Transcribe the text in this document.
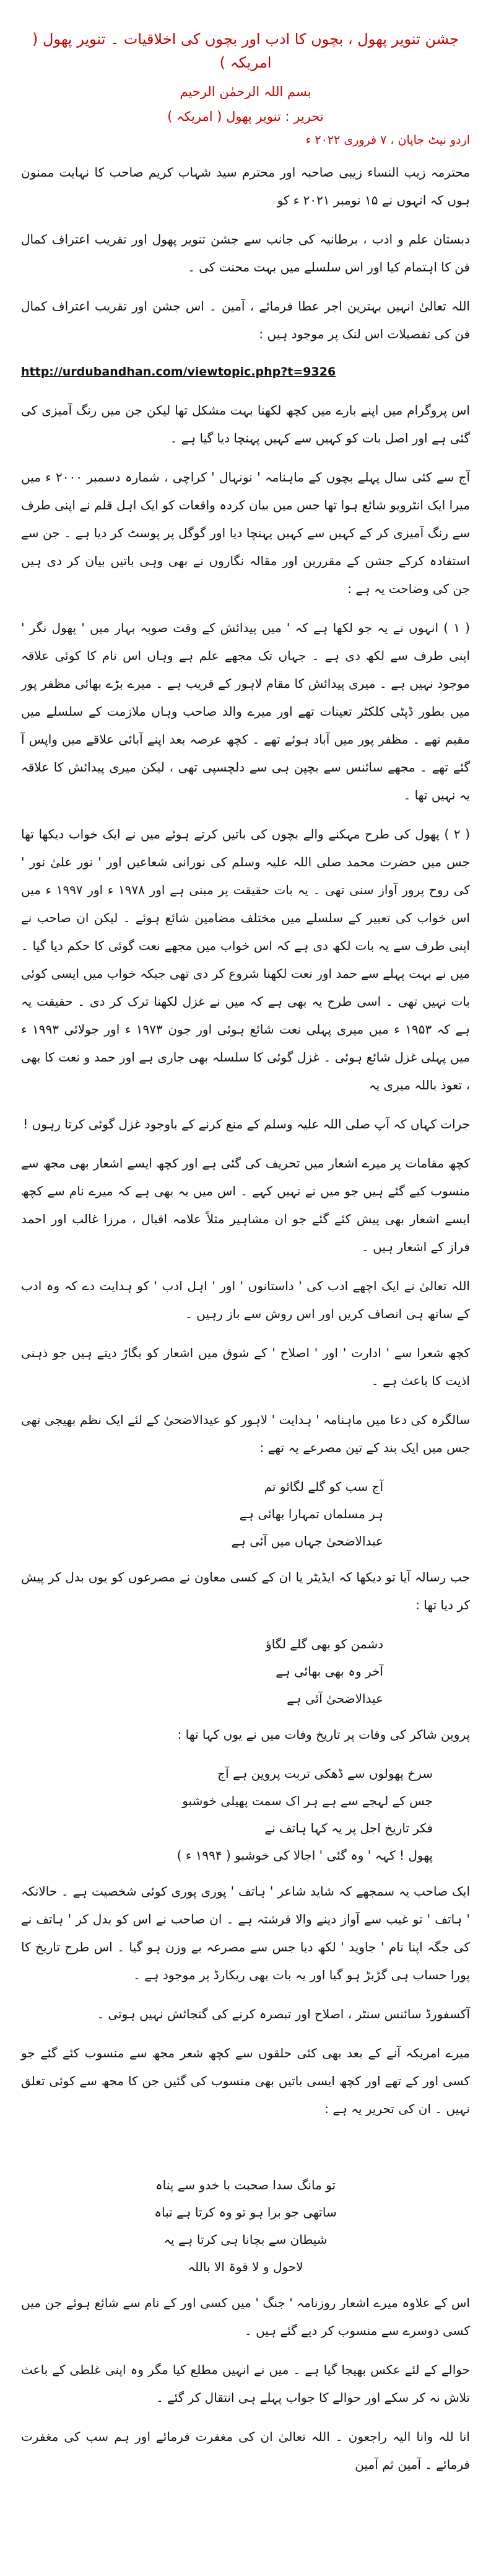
جشن تنویر پھول ، بچوں کا ادب اور بچوں کی اخلاقیات ۔ تنویر پھول ( امریکہ )
بسم اللہ الرحمٰن الرحیم
تحریر : تنویر پھول ( امریکہ )
اردو نیٹ جاپان ، ۷ فروری ۲۰۲۲ ء

محترمہ زیب النساء زیبی صاحبہ اور محترم سید شہاب کریم صاحب کا نہایت ممنون ہوں کہ انہوں نے ۱۵ نومبر ۲۰۲۱ ء کو

دبستان علم و ادب ، برطانیہ کی جانب سے جشن تنویر پھول اور تقریب اعتراف کمال فن کا اہتمام کیا اور اس سلسلے میں بہت محنت کی ۔

اللہ تعالیٰ انہیں بہترین اجر عطا فرمائے ، آمین ۔ اس جشن اور تقریب اعتراف کمال فن کی تفصیلات اس لنک پر موجود ہیں :

http://urdubandhan.com/viewtopic.php?t=9326

اس پروگرام میں اپنے بارے میں کچھ لکھنا بہت مشکل تھا لیکن جن میں رنگ آمیزی کی گئی ہے اور اصل بات کو کہیں سے کہیں پہنچا دیا گیا ہے ۔

آج سے کئی سال پہلے بچوں کے ماہنامہ ' نونہال ' کراچی ، شمارہ دسمبر ۲۰۰۰ ء میں میرا ایک انٹرویو شائع ہوا تھا جس میں بیان کردہ واقعات کو ایک اہل قلم نے اپنی طرف سے رنگ آمیزی کر کے کہیں سے کہیں پہنچا دیا اور گوگل پر پوسٹ کر دیا ہے ۔ جن سے استفادہ کرکے جشن کے مقررین اور مقالہ نگاروں نے بھی وہی باتیں بیان کر دی ہیں جن کی وضاحت یہ ہے :

( ۱ ) انہوں نے یہ جو لکھا ہے کہ ' میں پیدائش کے وقت صوبہ بہار میں ' پھول نگر ' اپنی طرف سے لکھ دی ہے ۔ جہاں تک مجھے علم ہے وہاں اس نام کا کوئی علاقہ موجود نہیں ہے ۔ میری پیدائش کا مقام لاہور کے قریب ہے ۔ میرے بڑے بھائی مظفر پور میں بطور ڈپٹی کلکٹر تعینات تھے اور میرے والد صاحب وہاں ملازمت کے سلسلے میں مقیم تھے ۔ مظفر پور میں آباد ہوئے تھے ۔ کچھ عرصہ بعد اپنے آبائی علاقے میں واپس آ گئے تھے ۔ مجھے سائنس سے بچپن ہی سے دلچسپی تھی ، لیکن میری پیدائش کا علاقہ یہ نہیں تھا ۔

( ۲ ) پھول کی طرح مہکنے والے بچوں کی باتیں کرتے ہوئے میں نے ایک خواب دیکھا تھا جس میں حضرت محمد صلی اللہ علیہ وسلم کی نورانی شعاعیں اور ' نور علیٰ نور ' کی روح پرور آواز سنی تھی ۔ یہ بات حقیقت پر مبنی ہے اور ۱۹۷۸ ء اور ۱۹۹۷ ء میں اس خواب کی تعبیر کے سلسلے میں مختلف مضامین شائع ہوئے ۔ لیکن ان صاحب نے اپنی طرف سے یہ بات لکھ دی ہے کہ اس خواب میں مجھے نعت گوئی کا حکم دیا گیا ۔ میں نے بہت پہلے سے حمد اور نعت لکھنا شروع کر دی تھی جبکہ خواب میں ایسی کوئی بات نہیں تھی ۔ اسی طرح یہ بھی ہے کہ میں نے غزل لکھنا ترک کر دی ۔ حقیقت یہ ہے کہ ۱۹۵۳ ء میں میری پہلی نعت شائع ہوئی اور جون ۱۹۷۳ ء اور جولائی ۱۹۹۳ ء میں پہلی غزل شائع ہوئی ۔ غزل گوئی کا سلسلہ بھی جاری ہے اور حمد و نعت کا بھی ، تعوذ باللہ میری یہ

جرات کہاں کہ آپ صلی اللہ علیہ وسلم کے منع کرنے کے باوجود غزل گوئی کرتا رہوں !

کچھ مقامات پر میرے اشعار میں تحریف کی گئی ہے اور کچھ ایسے اشعار بھی مجھ سے منسوب کیے گئے ہیں جو میں نے نہیں کہے ۔ اس میں یہ بھی ہے کہ میرے نام سے کچھ ایسے اشعار بھی پیش کئے گئے جو ان مشاہیر مثلاً علامہ اقبال ، مرزا غالب اور احمد فراز کے اشعار ہیں ۔

اللہ تعالیٰ نے ایک اچھے ادب کی ' داستانوں ' اور ' اہل ادب ' کو ہدایت دے کہ وہ ادب کے ساتھ ہی انصاف کریں اور اس روش سے باز رہیں ۔

کچھ شعرا سے ' ادارت ' اور ' اصلاح ' کے شوق میں اشعار کو بگاڑ دیتے ہیں جو ذہنی اذیت کا باعث ہے ۔

سالگرہ کی دعا میں ماہنامہ ' ہدایت ' لاہور کو عیدالاضحیٰ کے لئے ایک نظم بھیجی تھی جس میں ایک بند کے تین مصرعے یہ تھے :

آج سب کو گلے لگائو تم
ہر مسلماں تمہارا بھائی ہے
عیدالاضحیٰ جہاں میں آئی ہے

جب رسالہ آیا تو دیکھا کہ ایڈیٹر یا ان کے کسی معاون نے مصرعوں کو یوں بدل کر پیش کر دیا تھا :

دشمن کو بھی گلے لگاؤ
آخر وہ بھی بھائی ہے
عیدالاضحیٰ آئی ہے

پروین شاکر کی وفات پر تاریخ وفات میں نے یوں کہا تھا :

سرخ پھولوں سے ڈھکی تربت پروین ہے آج
جس کے لہجے سے ہے ہر اک سمت پھیلی خوشبو
فکر تاریخ اجل پر یہ کہا ہاتف نے
پھول ! کہہ ' وہ گئی ' اجالا کی خوشبو ( ۱۹۹۴ ء )

ایک صاحب یہ سمجھے کہ شاید شاعر ' ہاتف ' پوری پوری کوئی شخصیت ہے ۔ حالانکہ ' ہاتف ' تو غیب سے آواز دینے والا فرشتہ ہے ۔ ان صاحب نے اس کو بدل کر ' ہاتف نے کی جگہ اپنا نام ' جاوید ' لکھ دیا جس سے مصرعہ بے وزن ہو گیا ۔ اس طرح تاریخ کا پورا حساب ہی گڑبڑ ہو گیا اور یہ بات بھی ریکارڈ پر موجود ہے ۔

آکسفورڈ سائنس سنٹر ، اصلاح اور تبصرہ کرنے کی گنجائش نہیں ہوتی ۔

میرے امریکہ آنے کے بعد بھی کئی حلقوں سے کچھ شعر مجھ سے منسوب کئے گئے جو کسی اور کے تھے اور کچھ ایسی باتیں بھی منسوب کی گئیں جن کا مجھ سے کوئی تعلق نہیں ۔ ان کی تحریر یہ ہے :

تو مانگ سدا صحبت با خدو سے پناہ
ساتھی جو برا ہو تو وہ کرتا ہے تباہ
شیطان سے بچانا ہی کرتا ہے یہ
لاحول و لا قوۃ الا باللہ

اس کے علاوہ میرے اشعار روزنامہ ' جنگ ' میں کسی اور کے نام سے شائع ہوئے جن میں کسی دوسرے سے منسوب کر دیے گئے ہیں ۔

حوالے کے لئے عکس بھیجا گیا ہے ۔ میں نے انہیں مطلع کیا مگر وہ اپنی غلطی کے باعث تلاش نہ کر سکے اور حوالے کا جواب پہلے ہی انتقال کر گئے ۔

انا للہ وانا الیہ راجعون ۔ اللہ تعالیٰ ان کی مغفرت فرمائے اور ہم سب کی مغفرت فرمائے ۔ آمین ثم آمین
